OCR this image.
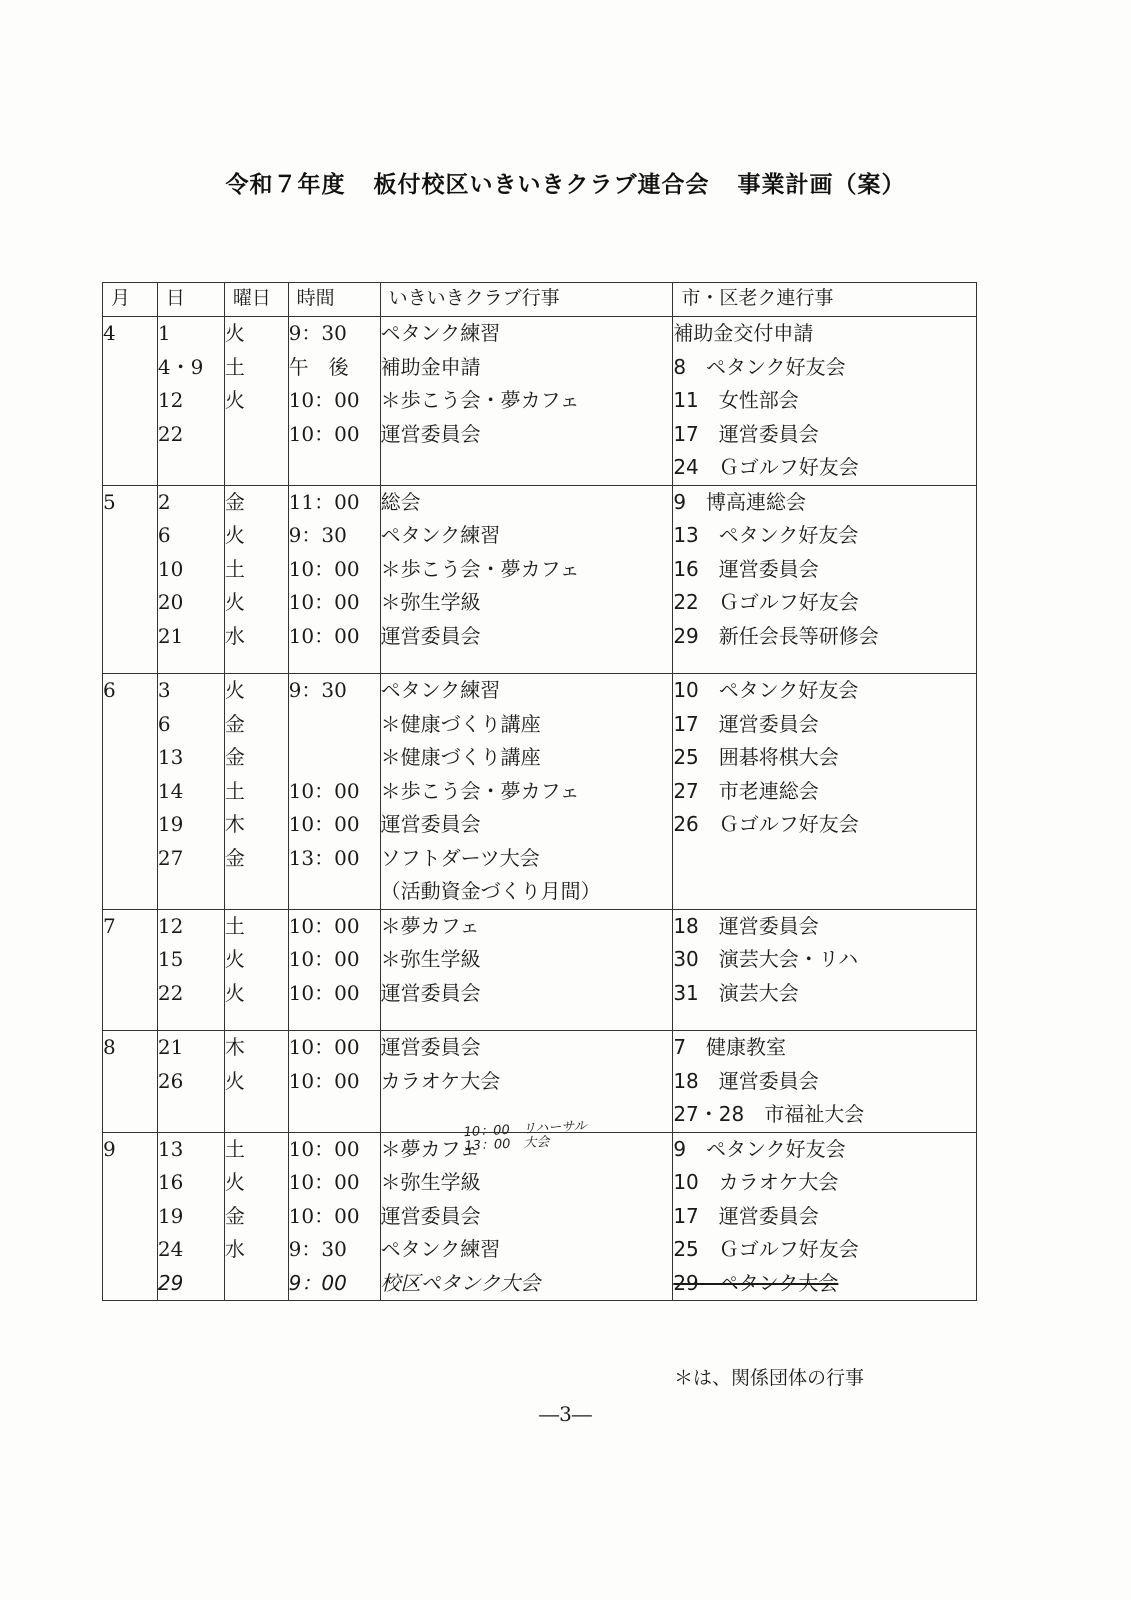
令和７年度 板付校区いきいきクラブ連合会 事業計画（案）
月	日	曜日	時間	いきいきクラブ行事	市・区老ク連行事
4	1	火	9：30	ペタンク練習	補助金交付申請
	4・9	土	午　後	補助金申請	8　ペタンク好友会
	12	火	10：00	＊歩こう会・夢カフェ	11　女性部会
	22		10：00	運営委員会	17　運営委員会
					24　Ｇゴルフ好友会
5	2	金	11：00	総会	9　博高連総会
	6	火	9：30	ペタンク練習	13　ペタンク好友会
	10	土	10：00	＊歩こう会・夢カフェ	16　運営委員会
	20	火	10：00	＊弥生学級	22　Ｇゴルフ好友会
	21	水	10：00	運営委員会	29　新任会長等研修会

6	3	火	9：30	ペタンク練習	10　ペタンク好友会
	6	金		＊健康づくり講座	17　運営委員会
	13	金		＊健康づくり講座	25　囲碁将棋大会
	14	土	10：00	＊歩こう会・夢カフェ	27　市老連総会
	19	木	10：00	運営委員会	26　Ｇゴルフ好友会
	27	金	13：00	ソフトダーツ大会	
				（活動資金づくり月間）	
7	12	土	10：00	＊夢カフェ	18　運営委員会
	15	火	10：00	＊弥生学級	30　演芸大会・リハ
	22	火	10：00	運営委員会	31　演芸大会

8	21	木	10：00	運営委員会	7　健康教室
	26	火	10：00	カラオケ大会	18　運営委員会
					27・28　市福祉大会
9	13	土	10：00	＊夢カフェ	9　ペタンク好友会
	16	火	10：00	＊弥生学級	10　カラオケ大会
	19	金	10：00	運営委員会	17　運営委員会
	24	水	9：30	ペタンク練習	25　Ｇゴルフ好友会
	29		9：00	校区ペタンク大会	29　ペタンク大会
10：00　リハーサル
13：00　大会
＊は、関係団体の行事
―3―
